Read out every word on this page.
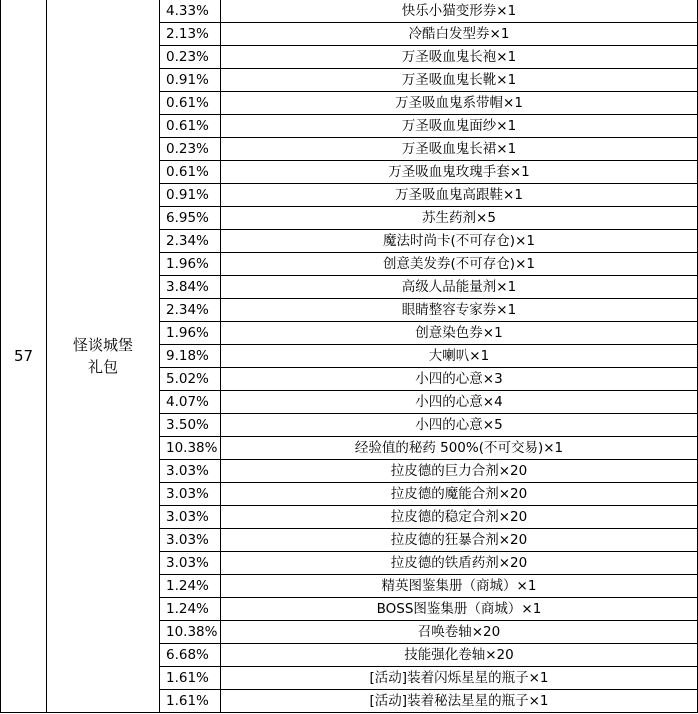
57	怪谈城堡礼包	4.33%	快乐小猫变形券×1
		2.13%	冷酷白发型券×1
		0.23%	万圣吸血鬼长袍×1
		0.91%	万圣吸血鬼长靴×1
		0.61%	万圣吸血鬼系带帽×1
		0.61%	万圣吸血鬼面纱×1
		0.23%	万圣吸血鬼长裙×1
		0.61%	万圣吸血鬼玫瑰手套×1
		0.91%	万圣吸血鬼高跟鞋×1
		6.95%	苏生药剂×5
		2.34%	魔法时尚卡(不可存仓)×1
		1.96%	创意美发券(不可存仓)×1
		3.84%	高级人品能量剂×1
		2.34%	眼睛整容专家券×1
		1.96%	创意染色券×1
		9.18%	大喇叭×1
		5.02%	小四的心意×3
		4.07%	小四的心意×4
		3.50%	小四的心意×5
		10.38%	经验值的秘药 500%(不可交易)×1
		3.03%	拉皮德的巨力合剂×20
		3.03%	拉皮德的魔能合剂×20
		3.03%	拉皮德的稳定合剂×20
		3.03%	拉皮德的狂暴合剂×20
		3.03%	拉皮德的铁盾药剂×20
		1.24%	精英图鉴集册（商城）×1
		1.24%	BOSS图鉴集册（商城）×1
		10.38%	召唤卷轴×20
		6.68%	技能强化卷轴×20
		1.61%	[活动]装着闪烁星星的瓶子×1
		1.61%	[活动]装着秘法星星的瓶子×1
